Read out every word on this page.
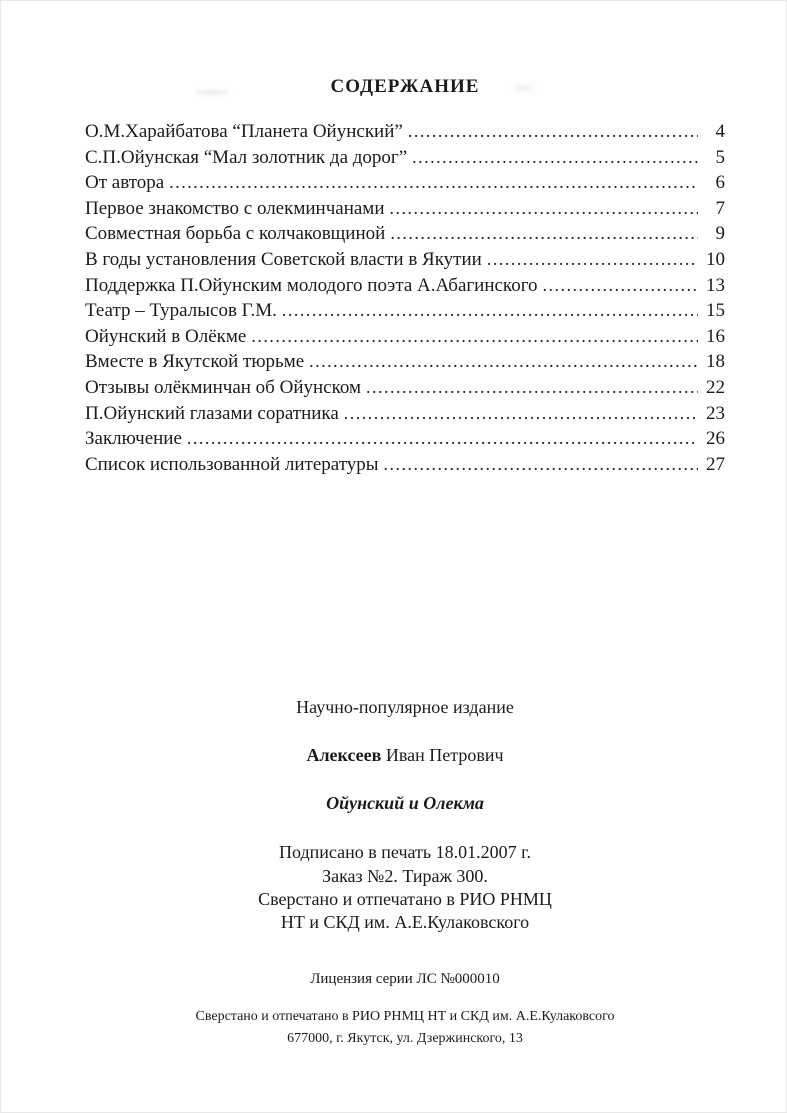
СОДЕРЖАНИЕ
О.М.Харайбатова “Планета Ойунский” .....	4
С.П.Ойунская “Мал золотник да дорог” .....	5
От автора .....	6
Первое знакомство с олекминчанами .....	7
Совместная борьба с колчаковщиной .....	9
В годы установления Советской власти в Якутии .....	10
Поддержка П.Ойунским молодого поэта А.Абагинского .....	13
Театр – Туралысов Г.М. .....	15
Ойунский в Олёкме .....	16
Вместе в Якутской тюрьме .....	18
Отзывы олёкминчан об Ойунском .....	22
П.Ойунский глазами соратника .....	23
Заключение .....	26
Список использованной литературы .....	27
Научно-популярное издание
Алексеев Иван Петрович
Ойунский и Олекма
Подписано в печать 18.01.2007 г.
Заказ №2. Тираж 300.
Сверстано и отпечатано в РИО РНМЦ
НТ и СКД им. А.Е.Кулаковского
Лицензия серии ЛС №000010
Сверстано и отпечатано в РИО РНМЦ НТ и СКД им. А.Е.Кулаковсого
677000, г. Якутск, ул. Дзержинского, 13
